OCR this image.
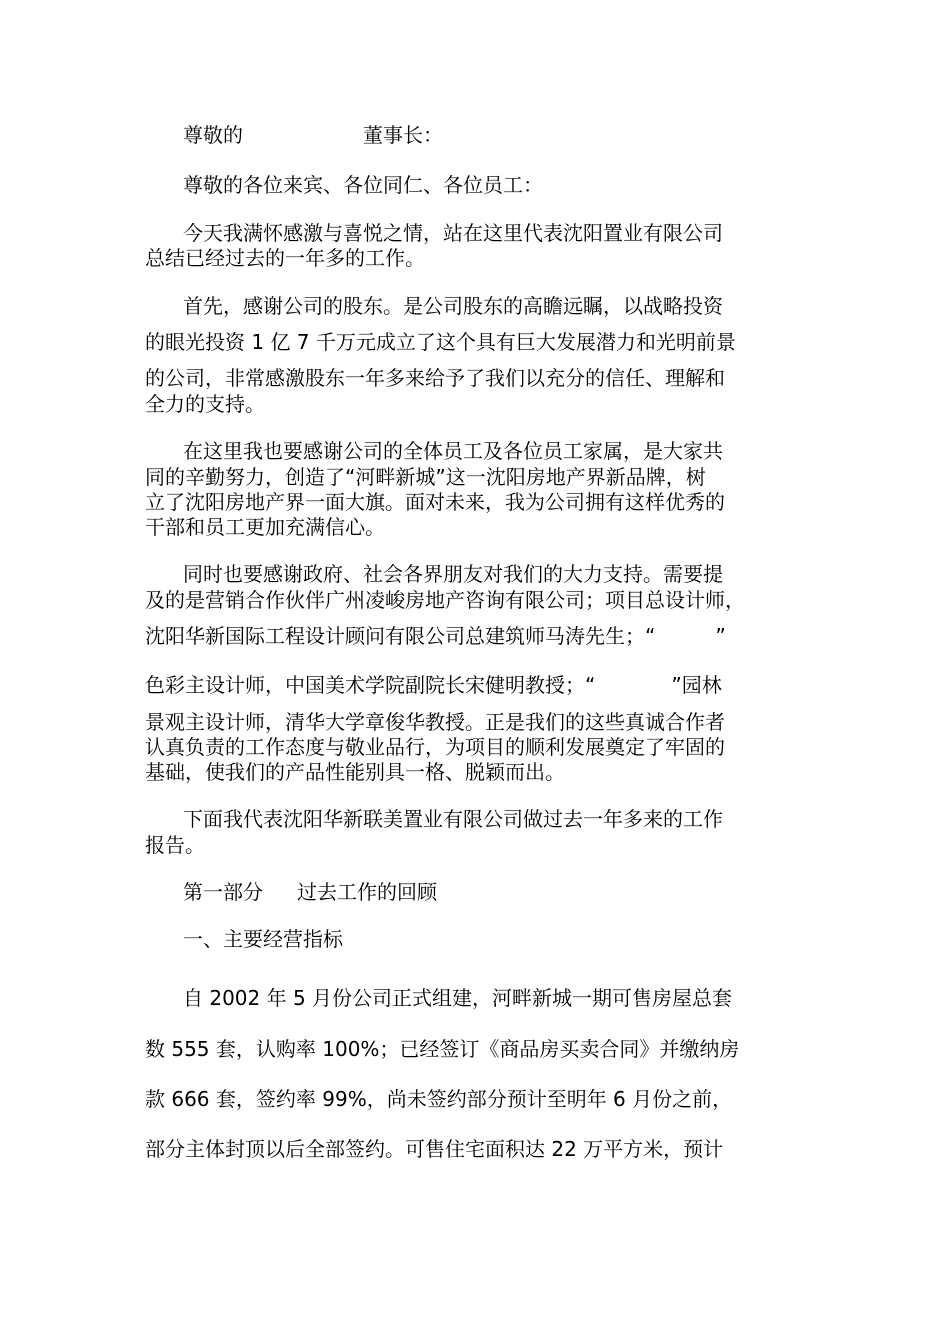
尊敬的	董事长：
尊敬的各位来宾、各位同仁、各位员工：
今天我满怀感激与喜悦之情，站在这里代表沈阳置业有限公司
总结已经过去的一年多的工作。
首先，感谢公司的股东。是公司股东的高瞻远瞩，以战略投资
的眼光投资 1 亿 7 千万元成立了这个具有巨大发展潜力和光明前景
的公司，非常感激股东一年多来给予了我们以充分的信任、理解和
全力的支持。
在这里我也要感谢公司的全体员工及各位员工家属，是大家共
同的辛勤努力，创造了“河畔新城”这一沈阳房地产界新品牌，树
立了沈阳房地产界一面大旗。面对未来，我为公司拥有这样优秀的
干部和员工更加充满信心。
同时也要感谢政府、社会各界朋友对我们的大力支持。需要提
及的是营销合作伙伴广州凌峻房地产咨询有限公司；项目总设计师，
沈阳华新国际工程设计顾问有限公司总建筑师马涛先生；“	”
色彩主设计师，中国美术学院副院长宋健明教授；“	”园林
景观主设计师，清华大学章俊华教授。正是我们的这些真诚合作者
认真负责的工作态度与敬业品行，为项目的顺利发展奠定了牢固的
基础，使我们的产品性能别具一格、脱颖而出。
下面我代表沈阳华新联美置业有限公司做过去一年多来的工作
报告。
第一部分 过去工作的回顾
一、主要经营指标
自 2002 年 5 月份公司正式组建，河畔新城一期可售房屋总套
数 555 套，认购率 100%；已经签订《商品房买卖合同》并缴纳房
款 666 套，签约率 99%，尚未签约部分预计至明年 6 月份之前，
部分主体封顶以后全部签约。可售住宅面积达 22 万平方米，预计
